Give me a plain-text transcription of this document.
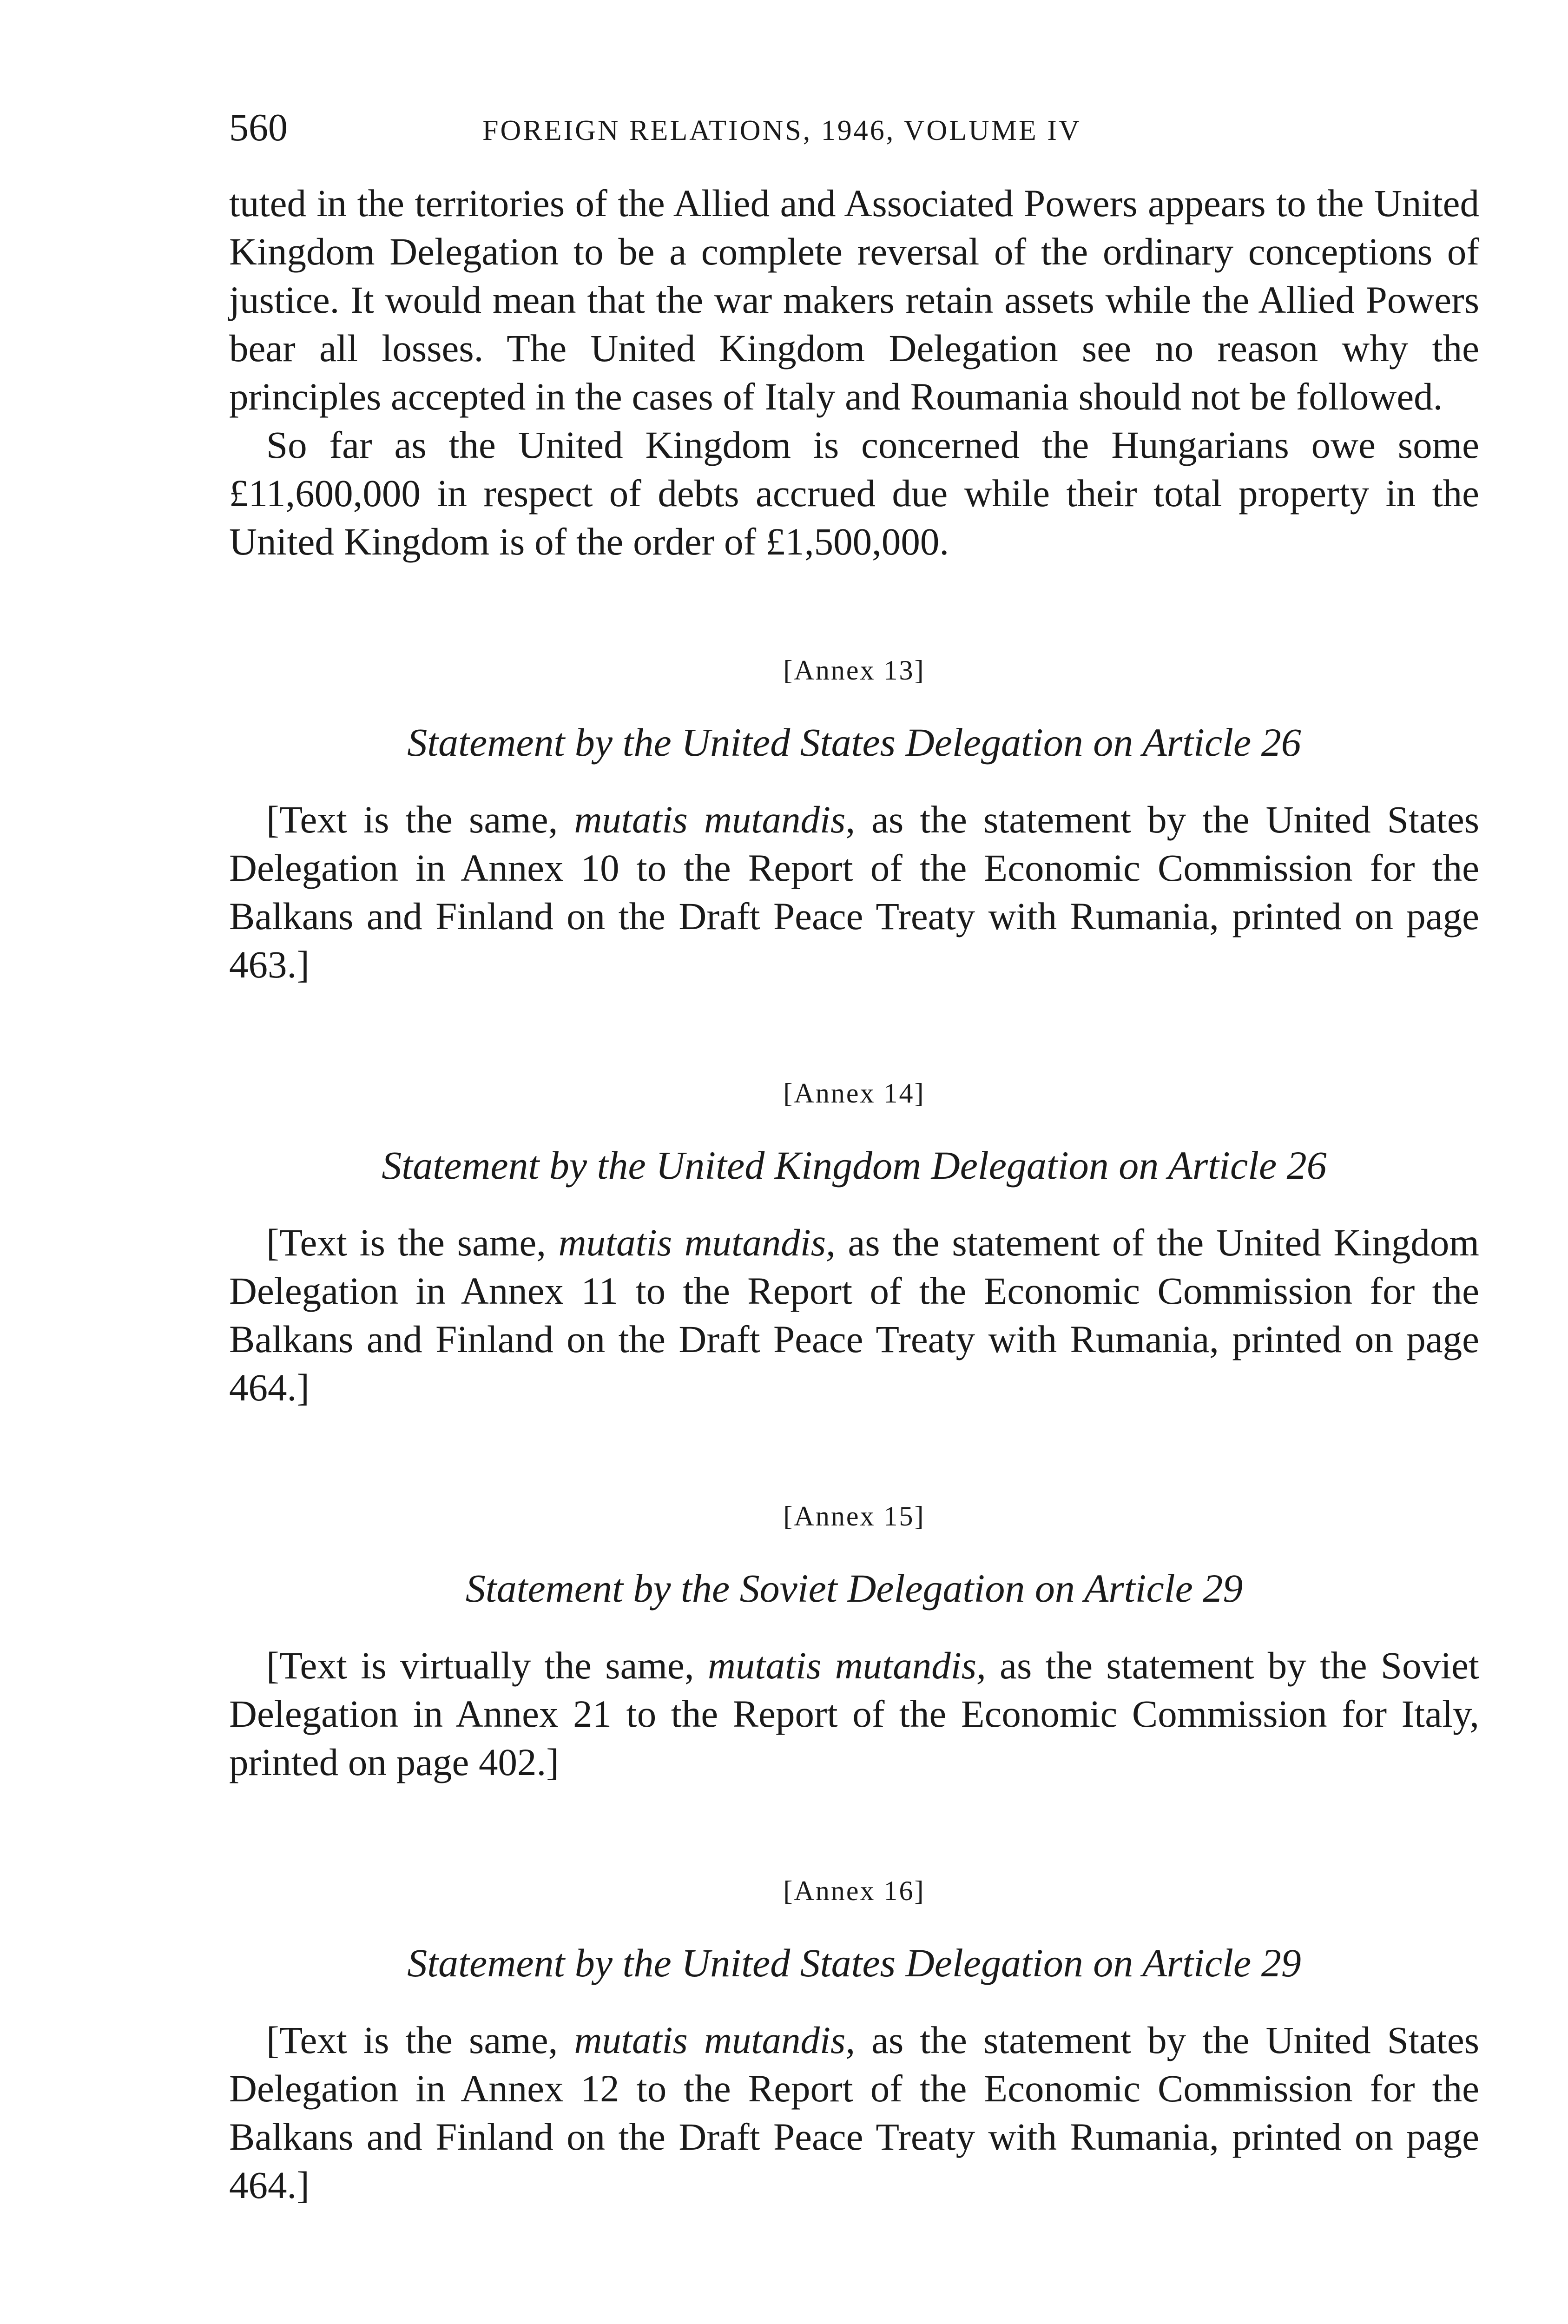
560	FOREIGN RELATIONS, 1946, VOLUME IV

tuted in the territories of the Allied and Associated Powers appears to the United Kingdom Delegation to be a complete reversal of the ordinary conceptions of justice. It would mean that the war makers retain assets while the Allied Powers bear all losses. The United Kingdom Delegation see no reason why the principles accepted in the cases of Italy and Roumania should not be followed.

So far as the United Kingdom is concerned the Hungarians owe some £11,600,000 in respect of debts accrued due while their total property in the United Kingdom is of the order of £1,500,000.

[Annex 13]

Statement by the United States Delegation on Article 26

[Text is the same, mutatis mutandis, as the statement by the United States Delegation in Annex 10 to the Report of the Economic Commission for the Balkans and Finland on the Draft Peace Treaty with Rumania, printed on page 463.]

[Annex 14]

Statement by the United Kingdom Delegation on Article 26

[Text is the same, mutatis mutandis, as the statement of the United Kingdom Delegation in Annex 11 to the Report of the Economic Commission for the Balkans and Finland on the Draft Peace Treaty with Rumania, printed on page 464.]

[Annex 15]

Statement by the Soviet Delegation on Article 29

[Text is virtually the same, mutatis mutandis, as the statement by the Soviet Delegation in Annex 21 to the Report of the Economic Commission for Italy, printed on page 402.]

[Annex 16]

Statement by the United States Delegation on Article 29

[Text is the same, mutatis mutandis, as the statement by the United States Delegation in Annex 12 to the Report of the Economic Commission for the Balkans and Finland on the Draft Peace Treaty with Rumania, printed on page 464.]
